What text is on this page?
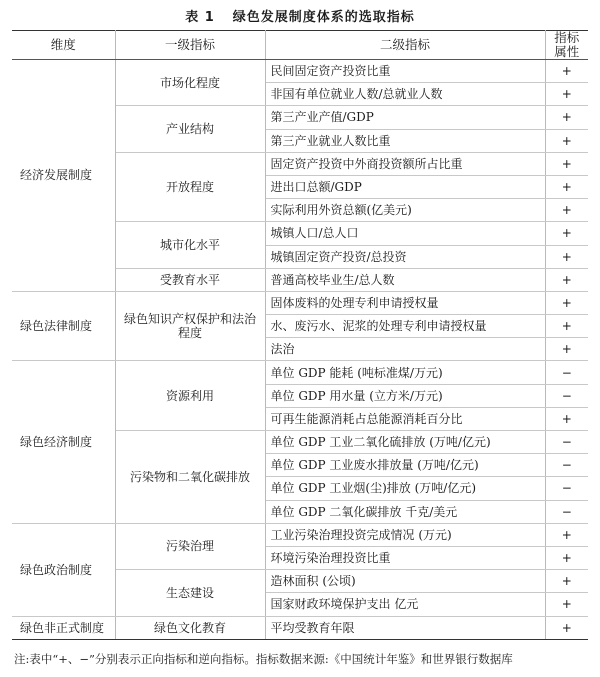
表 1 绿色发展制度体系的选取指标
维度	一级指标	二级指标	指标属性
经济发展制度	市场化程度	民间固定资产投资比重	+
		非国有单位就业人数/总就业人数	+
	产业结构	第三产业产值/GDP	+
		第三产业就业人数比重	+
	开放程度	固定资产投资中外商投资额所占比重	+
		进出口总额/GDP	+
		实际利用外资总额(亿美元)	+
	城市化水平	城镇人口/总人口	+
		城镇固定资产投资/总投资	+
	受教育水平	普通高校毕业生/总人数	+
绿色法律制度	绿色知识产权保护和法治程度	固体废料的处理专利申请授权量	+
		水、废污水、泥浆的处理专利申请授权量	+
		法治	+
绿色经济制度	资源利用	单位 GDP 能耗 (吨标准煤/万元)	−
		单位 GDP 用水量 (立方米/万元)	−
		可再生能源消耗占总能源消耗百分比	+
	污染物和二氧化碳排放	单位 GDP 工业二氧化硫排放 (万吨/亿元)	−
		单位 GDP 工业废水排放量 (万吨/亿元)	−
		单位 GDP 工业烟(尘)排放 (万吨/亿元)	−
		单位 GDP 二氧化碳排放 千克/美元	−
绿色政治制度	污染治理	工业污染治理投资完成情况 (万元)	+
		环境污染治理投资比重	+
	生态建设	造林面积 (公顷)	+
		国家财政环境保护支出 亿元	+
绿色非正式制度	绿色文化教育	平均受教育年限	+
注:表中“+、−”分别表示正向指标和逆向指标。指标数据来源:《中国统计年鉴》和世界银行数据库
